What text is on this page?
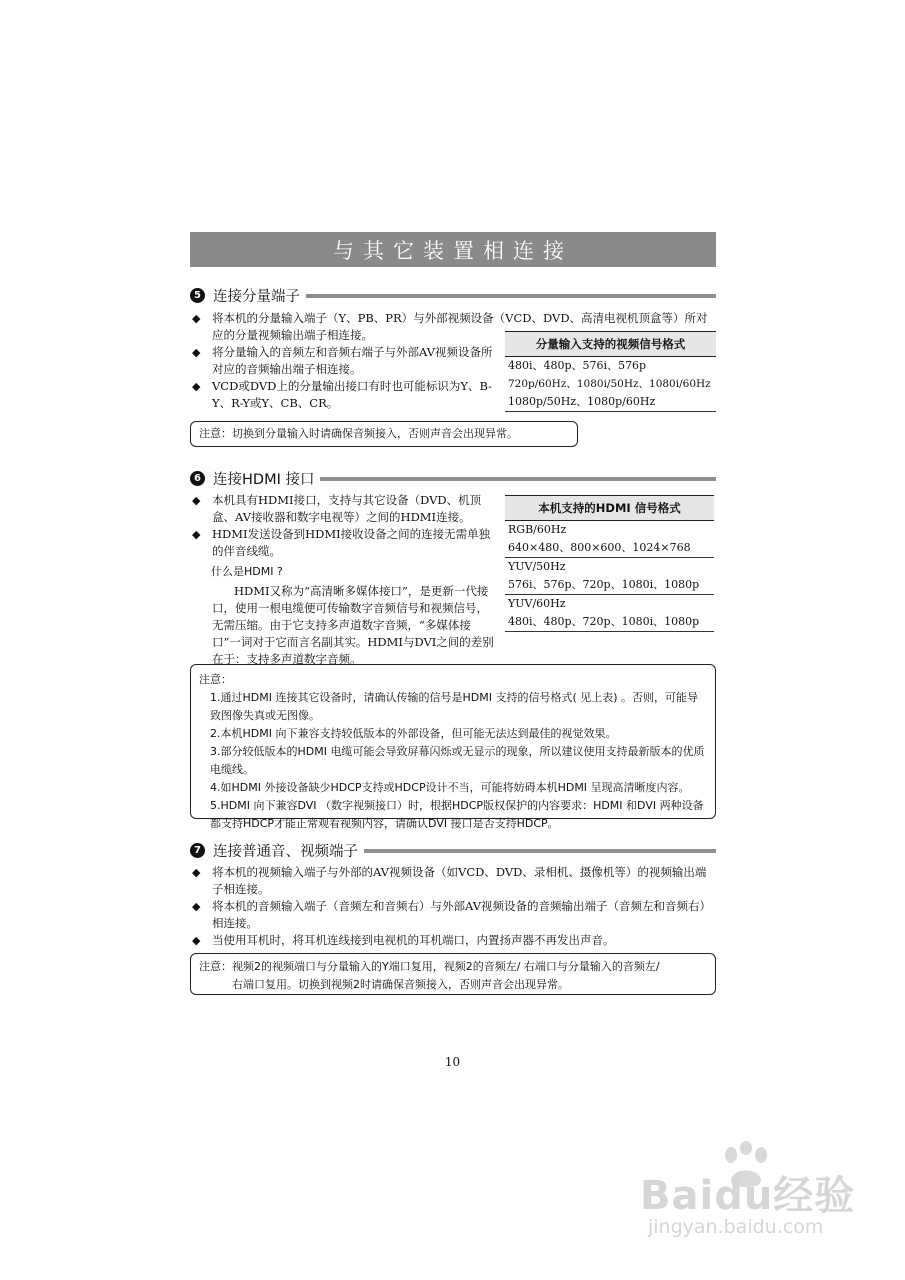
与其它装置相连接
5 连接分量端子
◆ 将本机的分量输入端子（Y、PB、PR）与外部视频设备（VCD、DVD、高清电视机顶盒等）所对应的分量视频输出端子相连接。
◆ 将分量输入的音频左和音频右端子与外部AV视频设备所对应的音频输出端子相连接。
◆ VCD或DVD上的分量输出接口有时也可能标识为Y、B-Y、R-Y或Y、CB、CR。
分量输入支持的视频信号格式
480i、480p、576i、576p
720p/60Hz、1080i/50Hz、1080i/60Hz
1080p/50Hz、1080p/60Hz
注意：切换到分量输入时请确保音频接入，否则声音会出现异常。
6 连接HDMI 接口
◆ 本机具有HDMI接口，支持与其它设备（DVD、机顶盒、AV接收器和数字电视等）之间的HDMI连接。
◆ HDMI发送设备到HDMI接收设备之间的连接无需单独的伴音线缆。
什么是HDMI ?
HDMI又称为“高清晰多媒体接口”，是更新一代接口，使用一根电缆便可传输数字音频信号和视频信号，无需压缩。由于它支持多声道数字音频，“多媒体接口”一词对于它而言名副其实。HDMI与DVI之间的差别在于：支持多声道数字音频。
本机支持的HDMI 信号格式
RGB/60Hz
640×480、800×600、1024×768
YUV/50Hz
576i、576p、720p、1080i、1080p
YUV/60Hz
480i、480p、720p、1080i、1080p
注意：
1.通过HDMI 连接其它设备时，请确认传输的信号是HDMI 支持的信号格式( 见上表) 。否则，可能导致图像失真或无图像。
2.本机HDMI 向下兼容支持较低版本的外部设备，但可能无法达到最佳的视觉效果。
3.部分较低版本的HDMI 电缆可能会导致屏幕闪烁或无显示的现象，所以建议使用支持最新版本的优质电缆线。
4.如HDMI 外接设备缺少HDCP支持或HDCP设计不当，可能将妨碍本机HDMI 呈现高清晰度内容。
5.HDMI 向下兼容DVI （数字视频接口）时，根据HDCP版权保护的内容要求：HDMI 和DVI 两种设备都支持HDCP才能正常观看视频内容，请确认DVI 接口是否支持HDCP。
7 连接普通音、视频端子
◆ 将本机的视频输入端子与外部的AV视频设备（如VCD、DVD、录相机、摄像机等）的视频输出端子相连接。
◆ 将本机的音频输入端子（音频左和音频右）与外部AV视频设备的音频输出端子（音频左和音频右）相连接。
◆ 当使用耳机时，将耳机连线接到电视机的耳机端口，内置扬声器不再发出声音。
注意： 视频2的视频端口与分量输入的Y端口复用，视频2的音频左/ 右端口与分量输入的音频左/
右端口复用。切换到视频2时请确保音频接入，否则声音会出现异常。
10
Baidu经验
jingyan.baidu.com
